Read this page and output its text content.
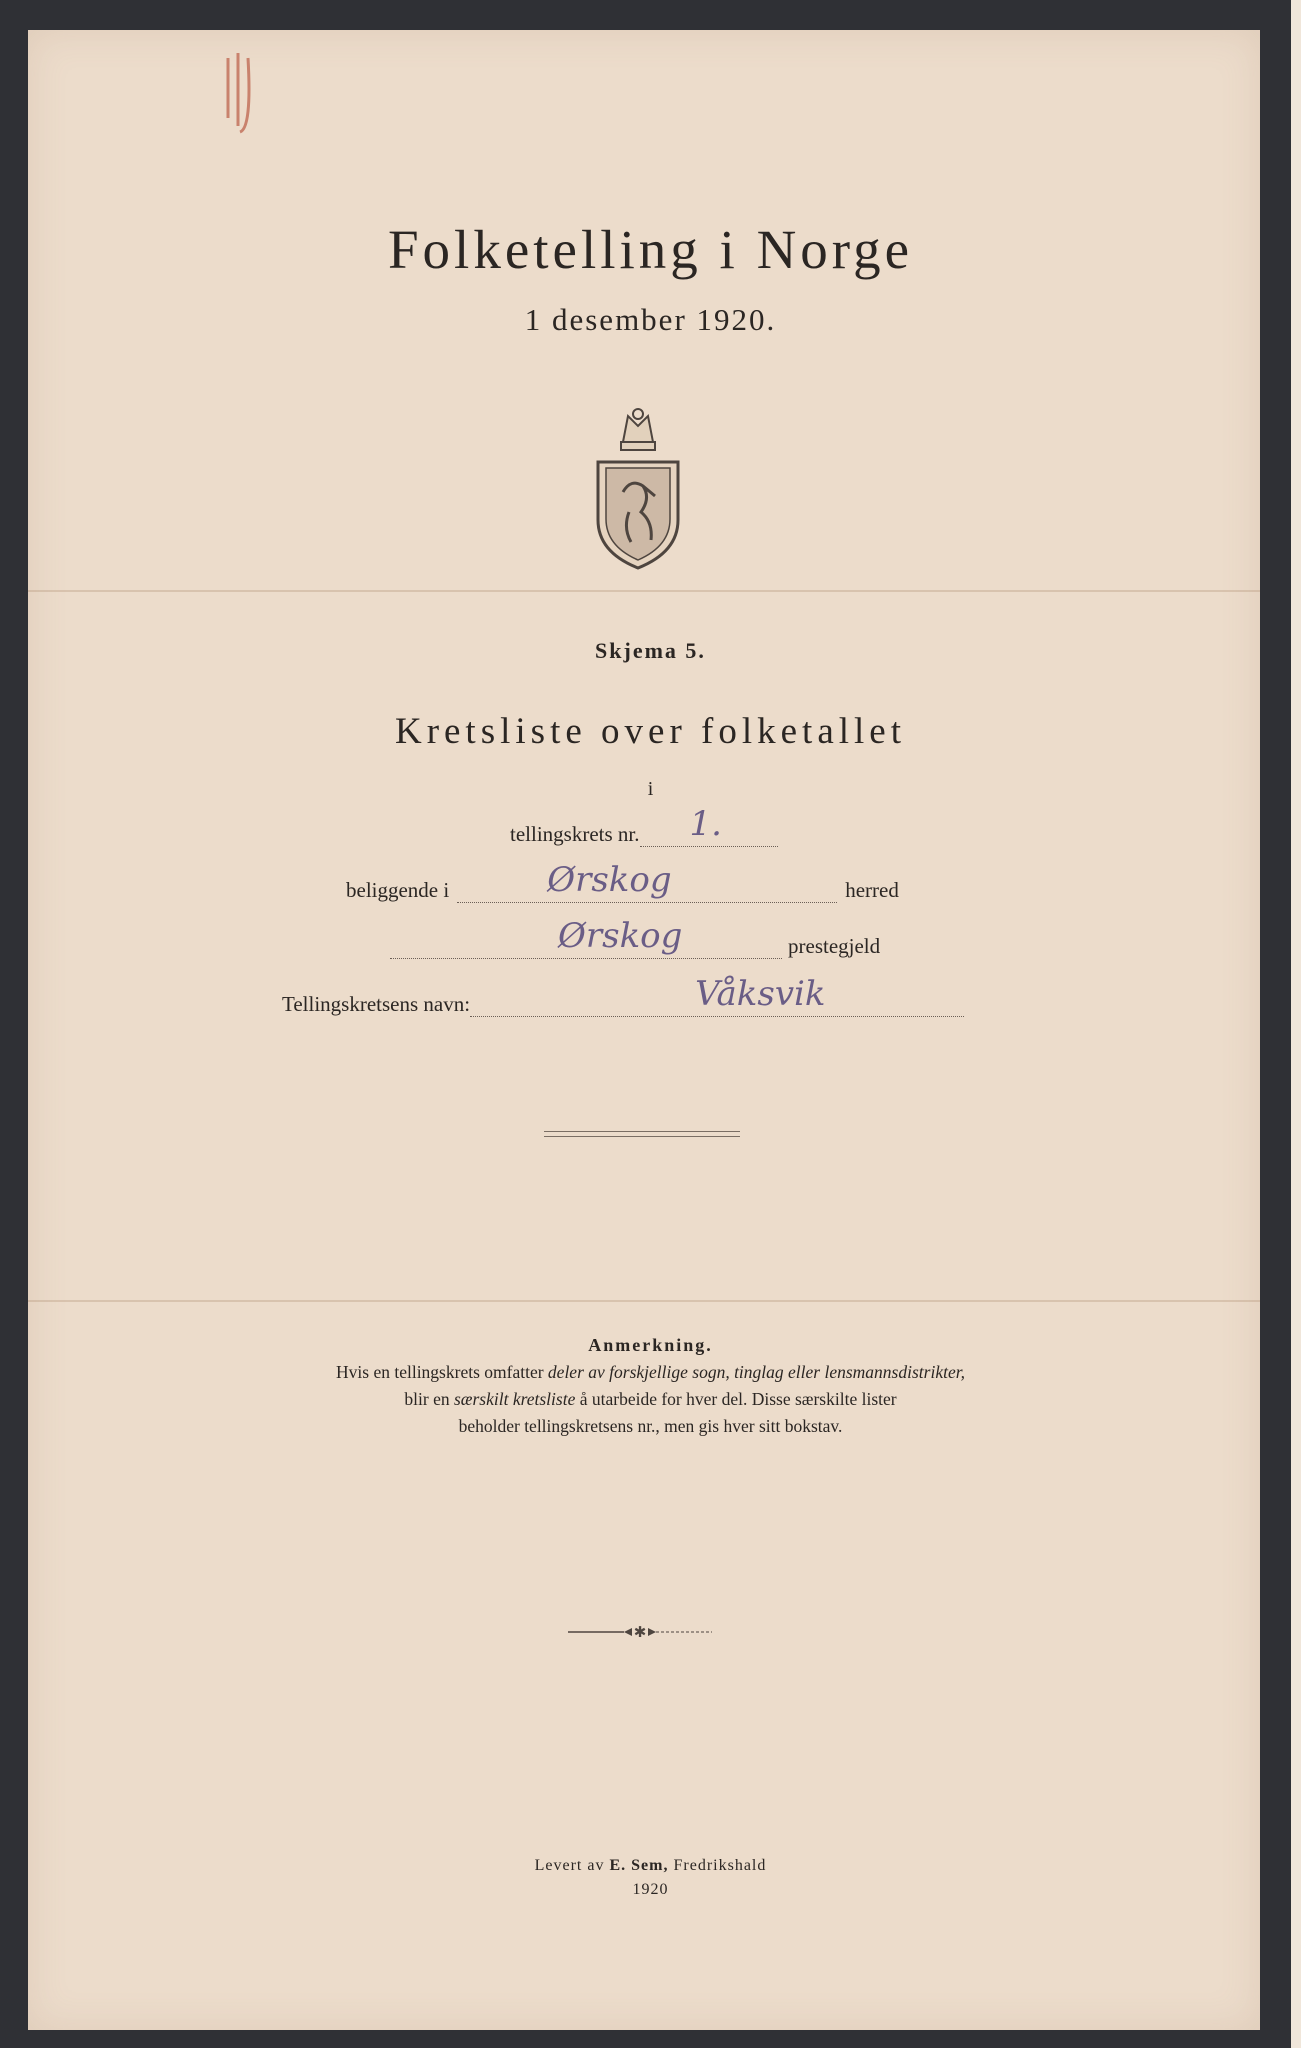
Folketelling i Norge
1 desember 1920.
Skjema 5.
Kretsliste over folketallet
i
tellingskrets nr. 1.
beliggende i	Ørskog	herred
Ørskog	prestegjeld
Tellingskretsens navn:	Våksvik
Anmerkning.
Hvis en tellingskrets omfatter deler av forskjellige sogn, tinglag eller lensmannsdistrikter,
blir en særskilt kretsliste å utarbeide for hver del. Disse særskilte lister
beholder tellingskretsens nr., men gis hver sitt bokstav.
✱
Levert av E. Sem, Fredrikshald
1920
